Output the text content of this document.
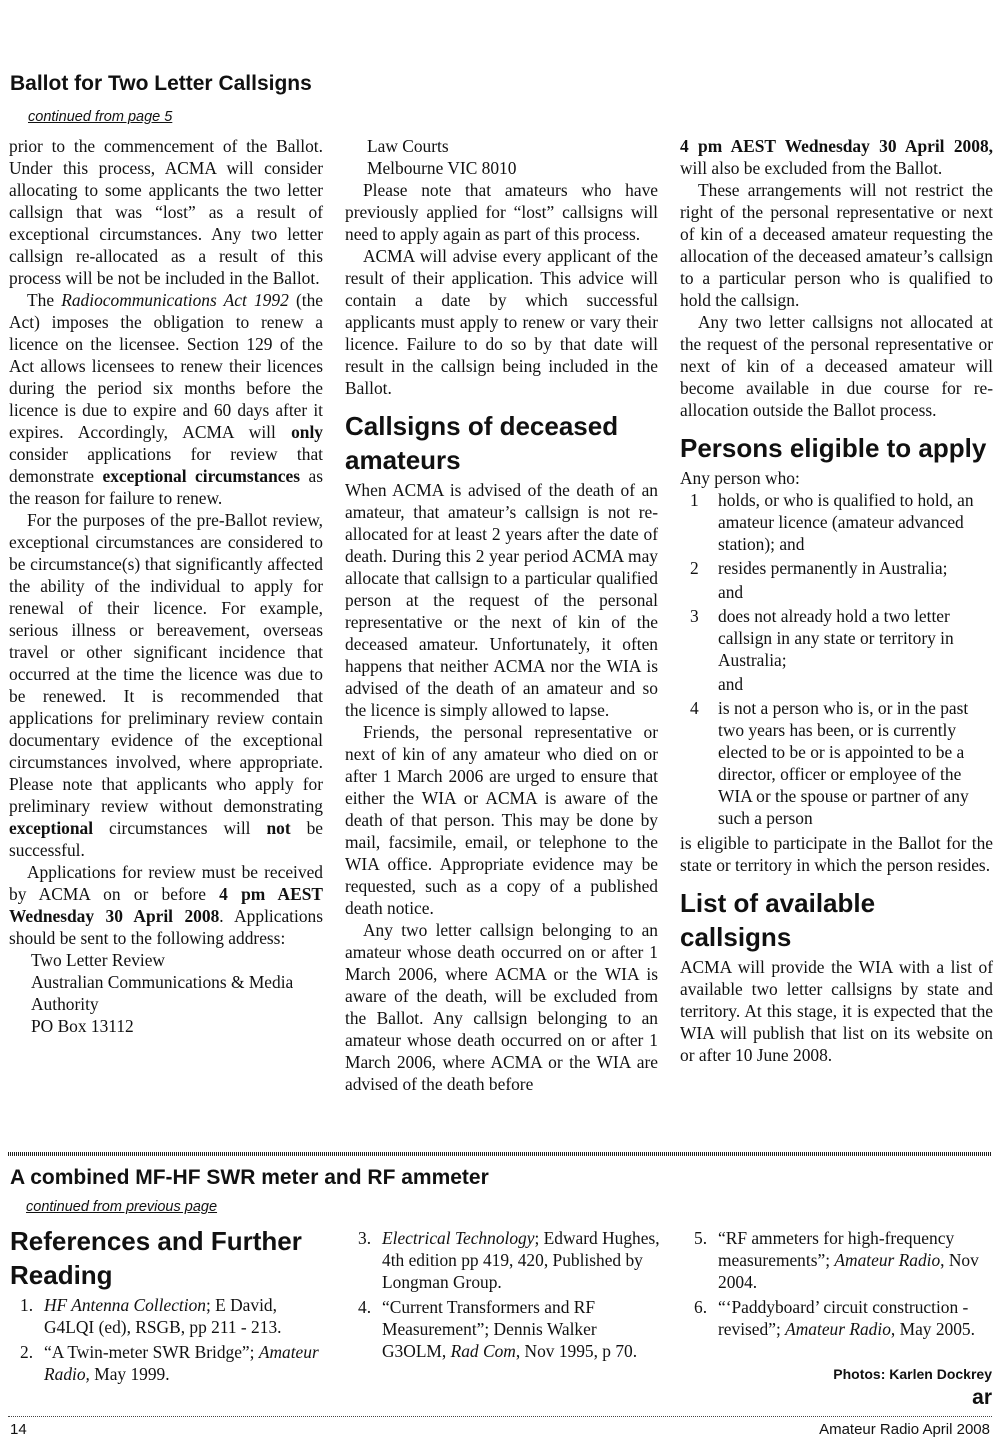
Ballot for Two Letter Callsigns
continued from page 5

prior to the commencement of the Ballot. Under this process, ACMA will consider allocating to some applicants the two letter callsign that was “lost” as a result of exceptional circumstances. Any two letter callsign re-allocated as a result of this process will be not be included in the Ballot.

The Radiocommunications Act 1992 (the Act) imposes the obligation to renew a licence on the licensee. Section 129 of the Act allows licensees to renew their licences during the period six months before the licence is due to expire and 60 days after it expires. Accordingly, ACMA will only consider applications for review that demonstrate exceptional circumstances as the reason for failure to renew.

For the purposes of the pre-Ballot review, exceptional circumstances are considered to be circumstance(s) that significantly affected the ability of the individual to apply for renewal of their licence. For example, serious illness or bereavement, overseas travel or other significant incidence that occurred at the time the licence was due to be renewed. It is recommended that applications for preliminary review contain documentary evidence of the exceptional circumstances involved, where appropriate. Please note that applicants who apply for preliminary review without demonstrating exceptional circumstances will not be successful.

Applications for review must be received by ACMA on or before 4 pm AEST Wednesday 30 April 2008. Applications should be sent to the following address:

Two Letter Review
Australian Communications & Media
Authority
PO Box 13112
Law Courts
Melbourne VIC 8010

Please note that amateurs who have previously applied for “lost” callsigns will need to apply again as part of this process.

ACMA will advise every applicant of the result of their application. This advice will contain a date by which successful applicants must apply to renew or vary their licence. Failure to do so by that date will result in the callsign being included in the Ballot.

Callsigns of deceased amateurs

When ACMA is advised of the death of an amateur, that amateur’s callsign is not re-allocated for at least 2 years after the date of death. During this 2 year period ACMA may allocate that callsign to a particular qualified person at the request of the personal representative or the next of kin of the deceased amateur. Unfortunately, it often happens that neither ACMA nor the WIA is advised of the death of an amateur and so the licence is simply allowed to lapse.

Friends, the personal representative or next of kin of any amateur who died on or after 1 March 2006 are urged to ensure that either the WIA or ACMA is aware of the death of that person. This may be done by mail, facsimile, email, or telephone to the WIA office. Appropriate evidence may be requested, such as a copy of a published death notice.

Any two letter callsign belonging to an amateur whose death occurred on or after 1 March 2006, where ACMA or the WIA is aware of the death, will be excluded from the Ballot. Any callsign belonging to an amateur whose death occurred on or after 1 March 2006, where ACMA or the WIA are advised of the death before

4 pm AEST Wednesday 30 April 2008, will also be excluded from the Ballot.

These arrangements will not restrict the right of the personal representative or next of kin of a deceased amateur requesting the allocation of the deceased amateur’s callsign to a particular person who is qualified to hold the callsign.

Any two letter callsigns not allocated at the request of the personal representative or next of kin of a deceased amateur will become available in due course for re-allocation outside the Ballot process.

Persons eligible to apply

Any person who:

1	holds, or who is qualified to hold, an amateur licence (amateur advanced station); and
2	resides permanently in Australia;
and
3	does not already hold a two letter callsign in any state or territory in Australia;
and
4	is not a person who is, or in the past two years has been, or is currently elected to be or is appointed to be a director, officer or employee of the WIA or the spouse or partner of any such a person

is eligible to participate in the Ballot for the state or territory in which the person resides.

List of available callsigns

ACMA will provide the WIA with a list of available two letter callsigns by state and territory. At this stage, it is expected that the WIA will publish that list on its website on or after 10 June 2008.

A combined MF-HF SWR meter and RF ammeter
continued from previous page
References and Further Reading
1. HF Antenna Collection; E David, G4LQI (ed), RSGB, pp 211 - 213.
2. “A Twin-meter SWR Bridge”; Amateur Radio, May 1999.
3. Electrical Technology; Edward Hughes, 4th edition pp 419, 420, Published by Longman Group.
4. “Current Transformers and RF Measurement”; Dennis Walker G3OLM, Rad Com, Nov 1995, p 70.
5. “RF ammeters for high-frequency measurements”; Amateur Radio, Nov 2004.
6. “‘Paddyboard’ circuit construction - revised”; Amateur Radio, May 2005.
Photos: Karlen Dockrey
ar
14	Amateur Radio April 2008
